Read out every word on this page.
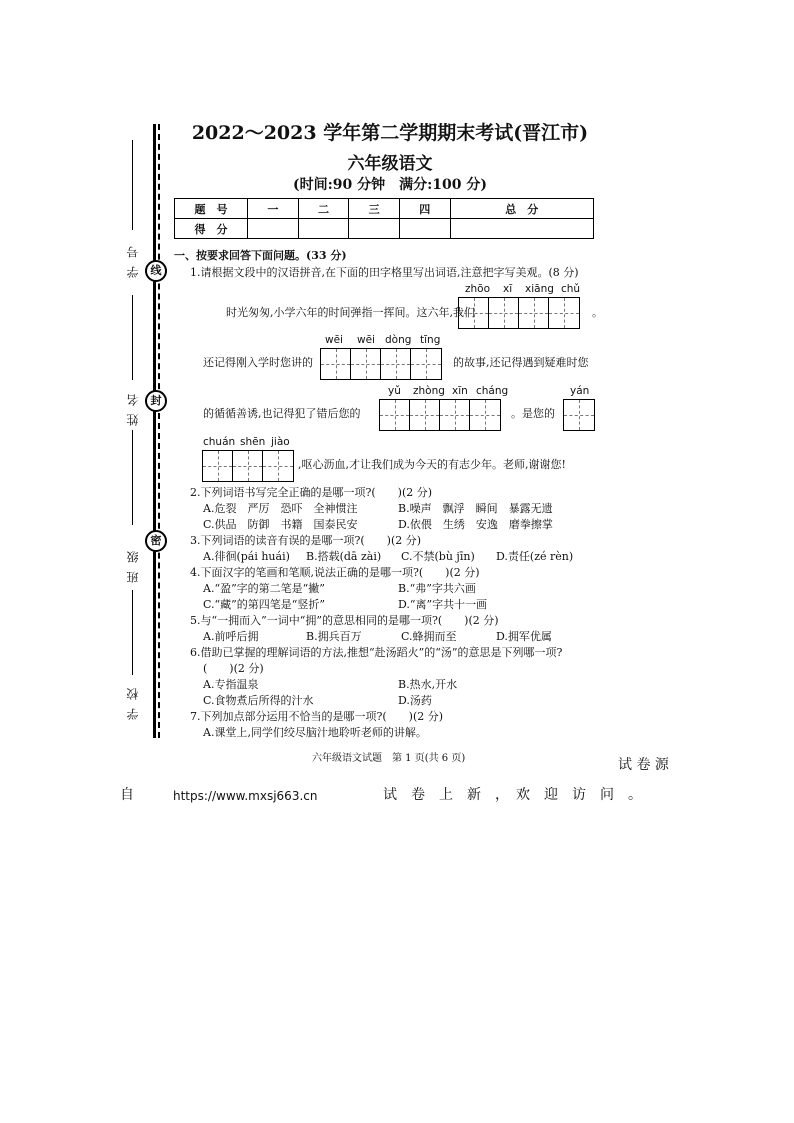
线
封
密
学号
姓名
班级
学校
2022～2023 学年第二学期期末考试(晋江市)
六年级语文
(时间:90 分钟　满分:100 分)
题　号	一	二	三	四	总　分
得　分					
一、按要求回答下面问题。(33 分)
1.请根据文段中的汉语拼音,在下面的田字格里写出词语,注意把字写美观。(8 分)
zhōo xī xiāng chǔ
时光匆匆,小学六年的时间弹指一挥间。这六年,我们	。
wēi wēi dòng tīng
还记得刚入学时您讲的	的故事,还记得遇到疑难时您
yǔ zhòng xīn cháng	yán
的循循善诱,也记得犯了错后您的	。是您的
chuán shēn jiào
,呕心沥血,才让我们成为今天的有志少年。老师,谢谢您!
2.下列词语书写完全正确的是哪一项?(　　)(2 分)
A.危裂　严厉　恐吓　全神惯注	B.噪声　飘浮　瞬间　暴露无遗
C.供品　防御　书籍　国泰民安	D.依偎　生绣　安逸　磨拳擦掌
3.下列词语的读音有误的是哪一项?(　　)(2 分)
A.徘徊(pái huái) B.搭载(dā zài) C.不禁(bù jīn) D.责任(zé rèn)
4.下面汉字的笔画和笔顺,说法正确的是哪一项?(　　)(2 分)
A.“盈”字的第二笔是“撇”	B.“弗”字共六画
C.“藏”的第四笔是“竖折”	D.“离”字共十一画
5.与“一拥而入”一词中“拥”的意思相同的是哪一项?(　　)(2 分)
A.前呼后拥	B.拥兵百万	C.蜂拥而至	D.拥军优属
6.借助已掌握的理解词语的方法,推想“赴汤蹈火”的“汤”的意思是下列哪一项?
(　　)(2 分)
A.专指温泉	B.热水,开水
C.食物煮后所得的汁水	D.汤药
7.下列加点部分运用不恰当的是哪一项?(　　)(2 分)
A.课堂上,同学们绞尽脑汁地聆听老师的讲解。
六年级语文试题　第 1 页(共 6 页)	试 卷 源
自	https://www.mxsj663.cn	试　卷　上　新　，　欢　迎　访　问　。
